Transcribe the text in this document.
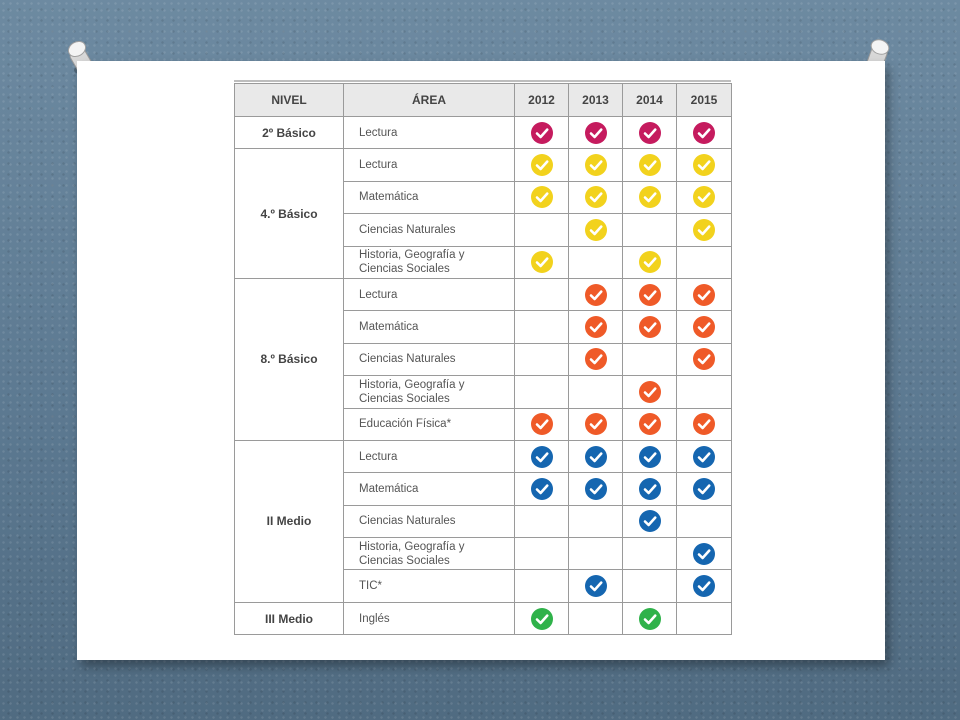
NIVEL	ÁREA	2012	2013	2014	2015
2º Básico	Lectura	

4.º Básico	Lectura	

	Matemática	

	Ciencias Naturales		

	Historia, Geografía y
Ciencias Sociales

8.º Básico	Lectura		

	Matemática		

	Ciencias Naturales		

	Historia, Geografía y
Ciencias Sociales

	Educación Física*	

II Medio	Lectura	

	Matemática	

	Ciencias Naturales			

	Historia, Geografía y
Ciencias Sociales

	TIC*		

III Medio	Inglés	
